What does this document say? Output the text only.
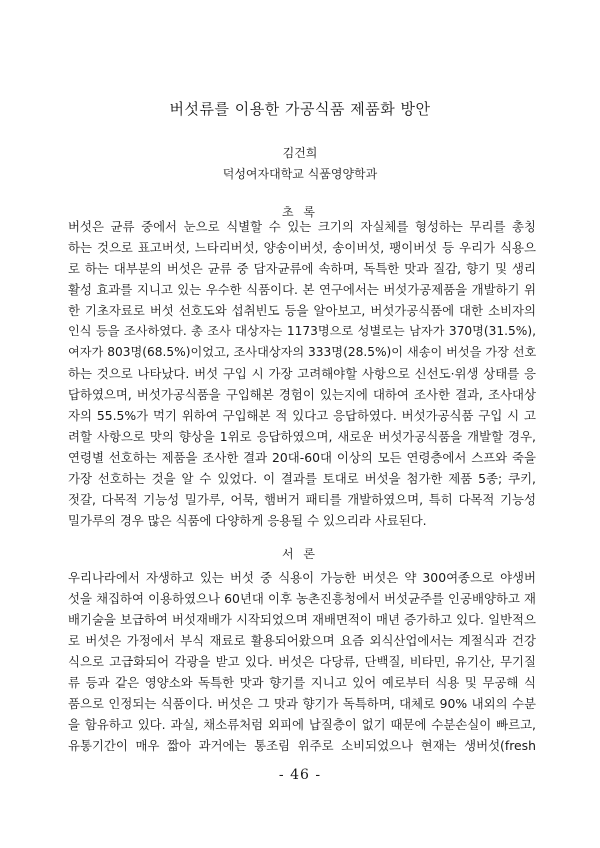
버섯류를 이용한 가공식품 제품화 방안
김건희
덕성여자대학교 식품영양학과
초 록
버섯은 균류 중에서 눈으로 식별할 수 있는 크기의 자실체를 형성하는 무리를 총칭
하는 것으로 표고버섯, 느타리버섯, 양송이버섯, 송이버섯, 팽이버섯 등 우리가 식용으
로 하는 대부분의 버섯은 균류 중 담자균류에 속하며, 독특한 맛과 질감, 향기 및 생리
활성 효과를 지니고 있는 우수한 식품이다. 본 연구에서는 버섯가공제품을 개발하기 위
한 기초자료로 버섯 선호도와 섭취빈도 등을 알아보고, 버섯가공식품에 대한 소비자의
인식 등을 조사하였다. 총 조사 대상자는 1173명으로 성별로는 남자가 370명(31.5%),
여자가 803명(68.5%)이었고, 조사대상자의 333명(28.5%)이 새송이 버섯을 가장 선호
하는 것으로 나타났다. 버섯 구입 시 가장 고려해야할 사항으로 신선도·위생 상태를 응
답하였으며, 버섯가공식품을 구입해본 경험이 있는지에 대하여 조사한 결과, 조사대상
자의 55.5%가 먹기 위하여 구입해본 적 있다고 응답하였다. 버섯가공식품 구입 시 고
려할 사항으로 맛의 향상을 1위로 응답하였으며, 새로운 버섯가공식품을 개발할 경우,
연령별 선호하는 제품을 조사한 결과 20대-60대 이상의 모든 연령층에서 스프와 죽을
가장 선호하는 것을 알 수 있었다. 이 결과를 토대로 버섯을 첨가한 제품 5종; 쿠키,
젓갈, 다목적 기능성 밀가루, 어묵, 햄버거 패티를 개발하였으며, 특히 다목적 기능성
밀가루의 경우 많은 식품에 다양하게 응용될 수 있으리라 사료된다.
서 론
우리나라에서 자생하고 있는 버섯 중 식용이 가능한 버섯은 약 300여종으로 야생버
섯을 채집하여 이용하였으나 60년대 이후 농촌진흥청에서 버섯균주를 인공배양하고 재
배기술을 보급하여 버섯재배가 시작되었으며 재배면적이 매년 증가하고 있다. 일반적으
로 버섯은 가정에서 부식 재료로 활용되어왔으며 요즘 외식산업에서는 계절식과 건강
식으로 고급화되어 각광을 받고 있다. 버섯은 다당류, 단백질, 비타민, 유기산, 무기질
류 등과 같은 영양소와 독특한 맛과 향기를 지니고 있어 예로부터 식용 및 무공해 식
품으로 인정되는 식품이다. 버섯은 그 맛과 향기가 독특하며, 대체로 90% 내외의 수분
을 함유하고 있다. 과실, 채소류처럼 외피에 납질층이 없기 때문에 수분손실이 빠르고,
유통기간이 매우 짧아 과거에는 통조림 위주로 소비되었으나 현재는 생버섯(fresh
- 46 -
